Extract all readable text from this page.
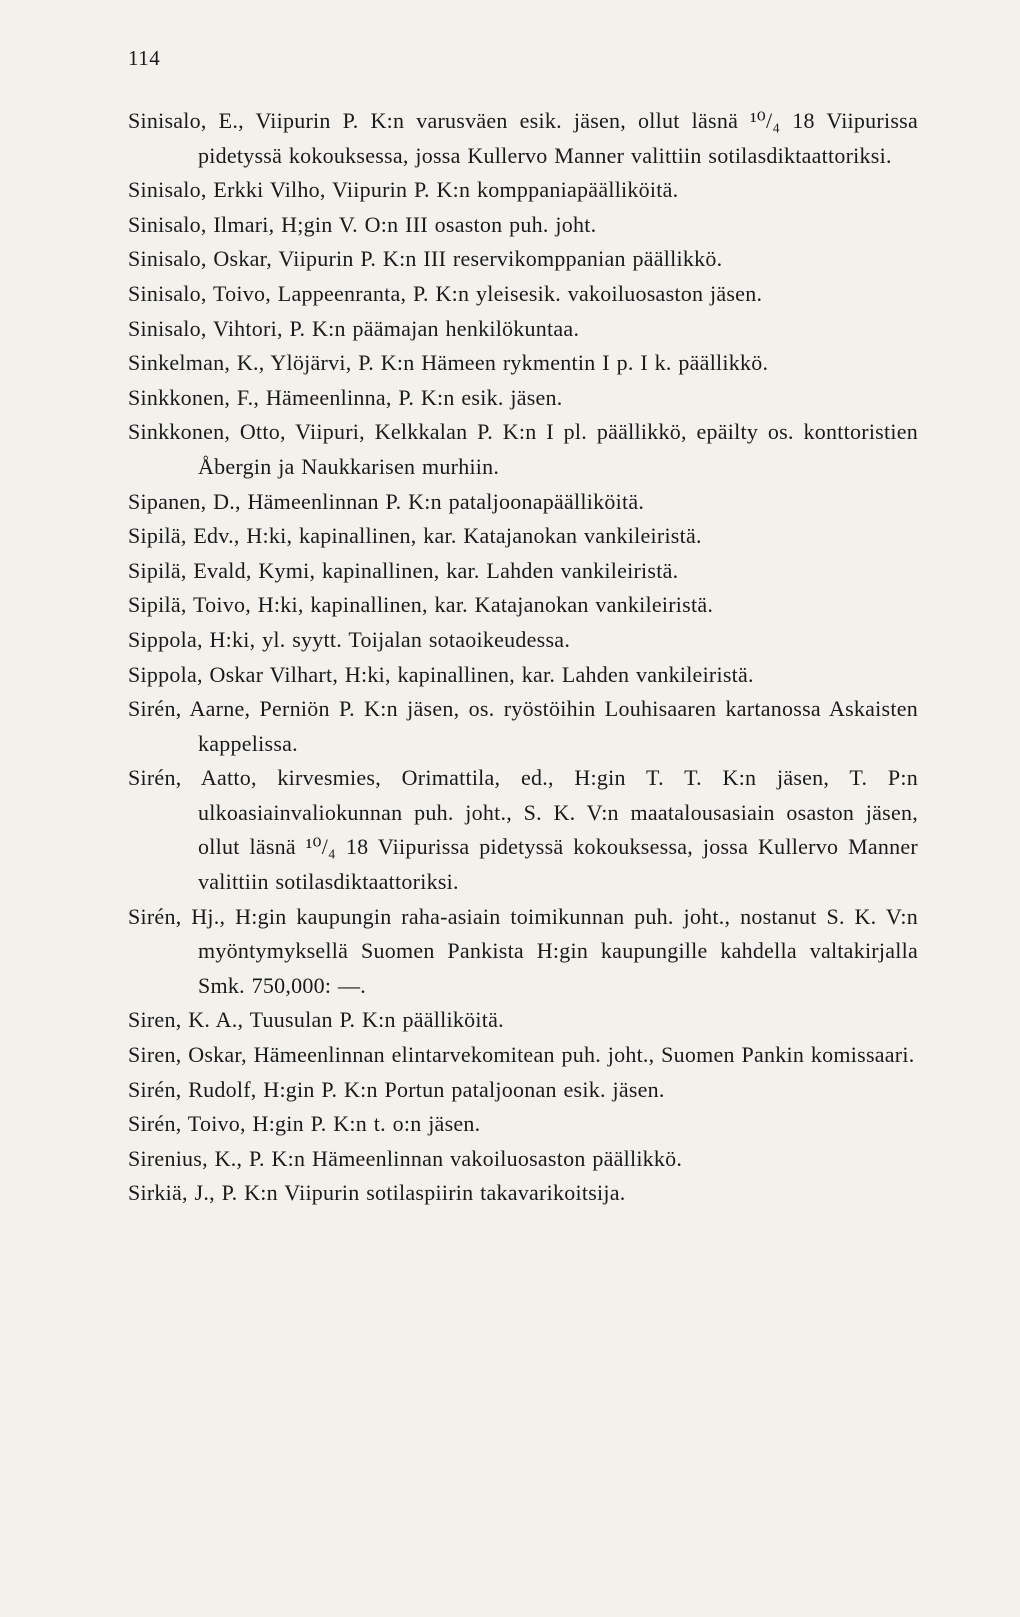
114
Sinisalo, E., Viipurin P. K:n varusväen esik. jäsen, ollut läsnä ¹⁰/₄ 18 Viipurissa pidetyssä kokouksessa, jossa Kullervo Manner valittiin sotilasdiktaattoriksi.
Sinisalo, Erkki Vilho, Viipurin P. K:n komppaniapäälliköitä.
Sinisalo, Ilmari, H;gin V. O:n III osaston puh. joht.
Sinisalo, Oskar, Viipurin P. K:n III reservikomppanian päällikkö.
Sinisalo, Toivo, Lappeenranta, P. K:n yleisesik. vakoiluosaston jäsen.
Sinisalo, Vihtori, P. K:n päämajan henkilökuntaa.
Sinkelman, K., Ylöjärvi, P. K:n Hämeen rykmentin I p. I k. päällikkö.
Sinkkonen, F., Hämeenlinna, P. K:n esik. jäsen.
Sinkkonen, Otto, Viipuri, Kelkkalan P. K:n I pl. päällikkö, epäilty os. konttoristien Åbergin ja Naukkarisen murhiin.
Sipanen, D., Hämeenlinnan P. K:n pataljoonapäälliköitä.
Sipilä, Edv., H:ki, kapinallinen, kar. Katajanokan vankileiristä.
Sipilä, Evald, Kymi, kapinallinen, kar. Lahden vankileiristä.
Sipilä, Toivo, H:ki, kapinallinen, kar. Katajanokan vankileiristä.
Sippola, H:ki, yl. syytt. Toijalan sotaoikeudessa.
Sippola, Oskar Vilhart, H:ki, kapinallinen, kar. Lahden vankileiristä.
Sirén, Aarne, Perniön P. K:n jäsen, os. ryöstöihin Louhisaaren kartanossa Askaisten kappelissa.
Sirén, Aatto, kirvesmies, Orimattila, ed., H:gin T. T. K:n jäsen, T. P:n ulkoasiainvaliokunnan puh. joht., S. K. V:n maatalousasiain osaston jäsen, ollut läsnä ¹⁰/₄ 18 Viipurissa pidetyssä kokouksessa, jossa Kullervo Manner valittiin sotilasdiktaattoriksi.
Sirén, Hj., H:gin kaupungin raha-asiain toimikunnan puh. joht., nostanut S. K. V:n myöntymyksellä Suomen Pankista H:gin kaupungille kahdella valtakirjalla Smk. 750,000: —.
Siren, K. A., Tuusulan P. K:n päälliköitä.
Siren, Oskar, Hämeenlinnan elintarvekomitean puh. joht., Suomen Pankin komissaari.
Sirén, Rudolf, H:gin P. K:n Portun pataljoonan esik. jäsen.
Sirén, Toivo, H:gin P. K:n t. o:n jäsen.
Sirenius, K., P. K:n Hämeenlinnan vakoiluosaston päällikkö.
Sirkiä, J., P. K:n Viipurin sotilaspiirin takavarikoitsija.
